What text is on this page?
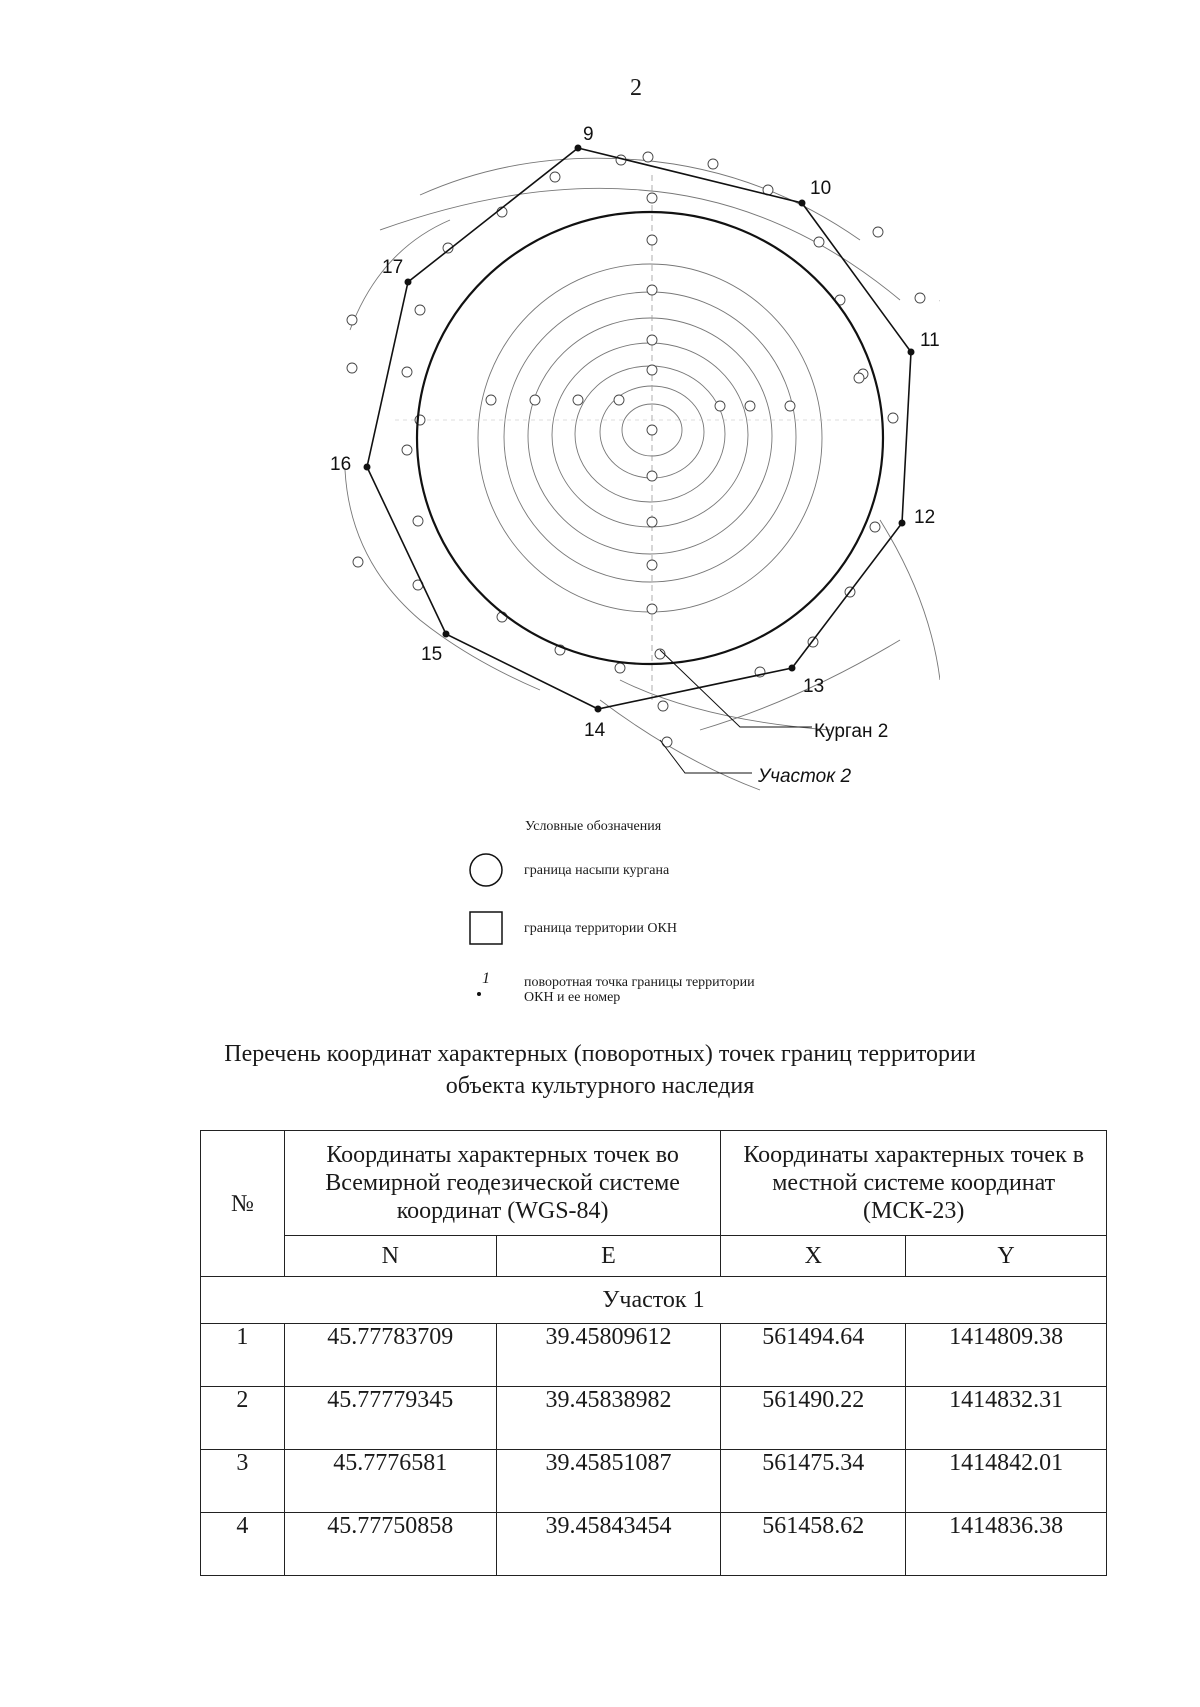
2
9
10
11
12
13
14
15
16
17
Курган 2
Участок 2
Условные обозначения
граница насыпи кургана
граница территории ОКН
1 поворотная точка границы территории
ОКН и ее номер
Перечень координат характерных (поворотных) точек границ территории
объекта культурного наследия
№	Координаты характерных точек во Всемирной геодезической системе координат (WGS-84)		Координаты характерных точек в местной системе координат (МСК-23)	
	N	E	X	Y
Участок 1				
1	45.77783709	39.45809612	561494.64	1414809.38
2	45.77779345	39.45838982	561490.22	1414832.31
3	45.7776581	39.45851087	561475.34	1414842.01
4	45.77750858	39.45843454	561458.62	1414836.38
